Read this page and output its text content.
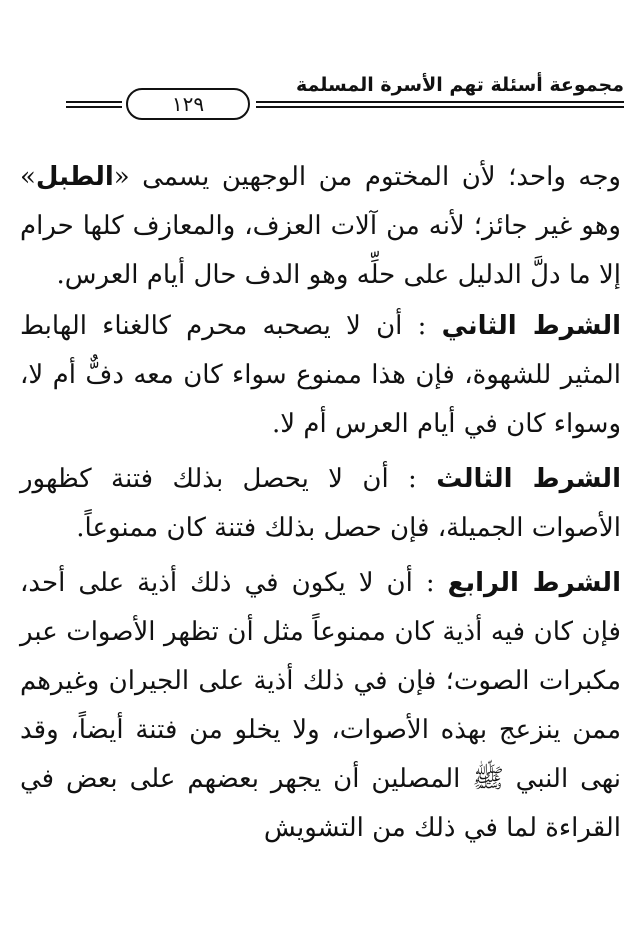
١٢٩
مجموعة أسئلة تهم الأسرة المسلمة

وجه واحد؛ لأن المختوم من الوجهين يسمى «الطبل» وهو غير جائز؛ لأنه من آلات العزف، والمعازف كلها حرام إلا ما دلَّ الدليل على حلِّه وهو الدف حال أيام العرس.

الشرط الثاني : أن لا يصحبه محرم كالغناء الهابط المثير للشهوة، فإن هذا ممنوع سواء كان معه دفٌّ أم لا، وسواء كان في أيام العرس أم لا.

الشرط الثالث : أن لا يحصل بذلك فتنة كظهور الأصوات الجميلة، فإن حصل بذلك فتنة كان ممنوعاً.

الشرط الرابع : أن لا يكون في ذلك أذية على أحد، فإن كان فيه أذية كان ممنوعاً مثل أن تظهر الأصوات عبر مكبرات الصوت؛ فإن في ذلك أذية على الجيران وغيرهم ممن ينزعج بهذه الأصوات، ولا يخلو من فتنة أيضاً، وقد نهى النبي ﷺ المصلين أن يجهر بعضهم على بعض في القراءة لما في ذلك من التشويش
